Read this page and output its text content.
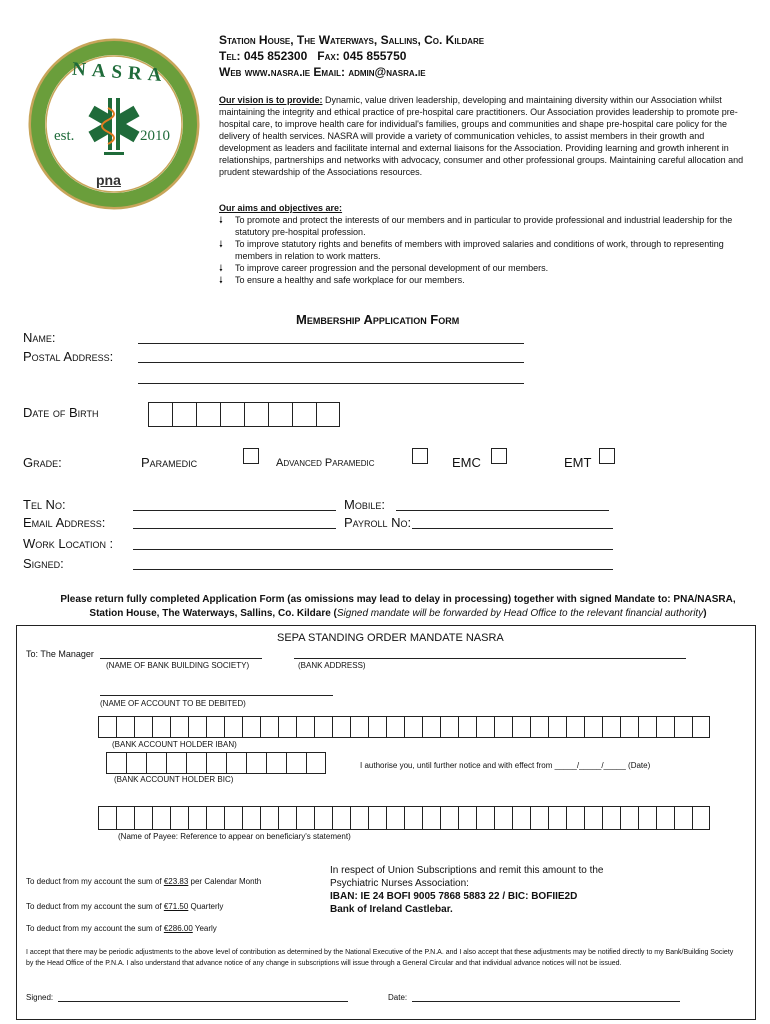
NASRA
est.	2010
pna
Station House, The Waterways, Sallins, Co. Kildare
Tel: 045 852300   Fax: 045 855750
Web www.nasra.ie Email: admin@nasra.ie
Our vision is to provide: Dynamic, value driven leadership, developing and maintaining diversity within our Association whilst maintaining the integrity and ethical practice of pre-hospital care practitioners. Our Association provides leadership to promote pre-hospital care, to improve health care for individual's families, groups and communities and shape pre-hospital care policy for the delivery of health services. NASRA will provide a variety of communication vehicles, to assist members in their growth and development as leaders and facilitate internal and external liaisons for the Association. Providing learning and growth inherent in relationships, partnerships and networks with advocacy, consumer and other professional groups. Maintaining careful allocation and prudent stewardship of the Associations resources.
Our aims and objectives are:
🠗	To promote and protect the interests of our members and in particular to provide professional and industrial leadership for the statutory pre-hospital profession.
🠗	To improve statutory rights and benefits of members with improved salaries and conditions of work, through to representing members in relation to work matters.
🠗	To improve career progression and the personal development of our members.
🠗	To ensure a healthy and safe workplace for our members.
Membership Application Form
Name:
Postal Address:
Date of Birth
Grade:	Paramedic	Advanced Paramedic	EMC	EMT
Tel No:	Mobile:
Email Address:	Payroll No:
Work Location :
Signed:
Please return fully completed Application Form (as omissions may lead to delay in processing) together with signed Mandate to: PNA/NASRA, Station House, The Waterways, Sallins, Co. Kildare (Signed mandate will be forwarded by Head Office to the relevant financial authority)
SEPA STANDING ORDER MANDATE NASRA
To: The Manager
(NAME OF BANK BUILDING SOCIETY)	(BANK ADDRESS)
(NAME OF ACCOUNT TO BE DEBITED)
(BANK ACCOUNT HOLDER IBAN)
I authorise you, until further notice and with effect from _____/_____/_____ (Date)
(BANK ACCOUNT HOLDER BIC)
(Name of Payee: Reference to appear on beneficiary's statement)
To deduct from my account the sum of €23.83 per Calendar Month
To deduct from my account the sum of €71.50 Quarterly
To deduct from my account the sum of €286.00 Yearly
In respect of Union Subscriptions and remit this amount to the
Psychiatric Nurses Association:
IBAN: IE 24 BOFI 9005 7868 5883 22 / BIC: BOFIIE2D
Bank of Ireland Castlebar.
I accept that there may be periodic adjustments to the above level of contribution as determined by the National Executive of the P.N.A. and I also accept that these adjustments may be notified directly to my Bank/Building Society by the Head Office of the P.N.A. I also understand that advance notice of any change in subscriptions will issue through a General Circular and that individual advance notices will not be issued.
Signed:	Date:
